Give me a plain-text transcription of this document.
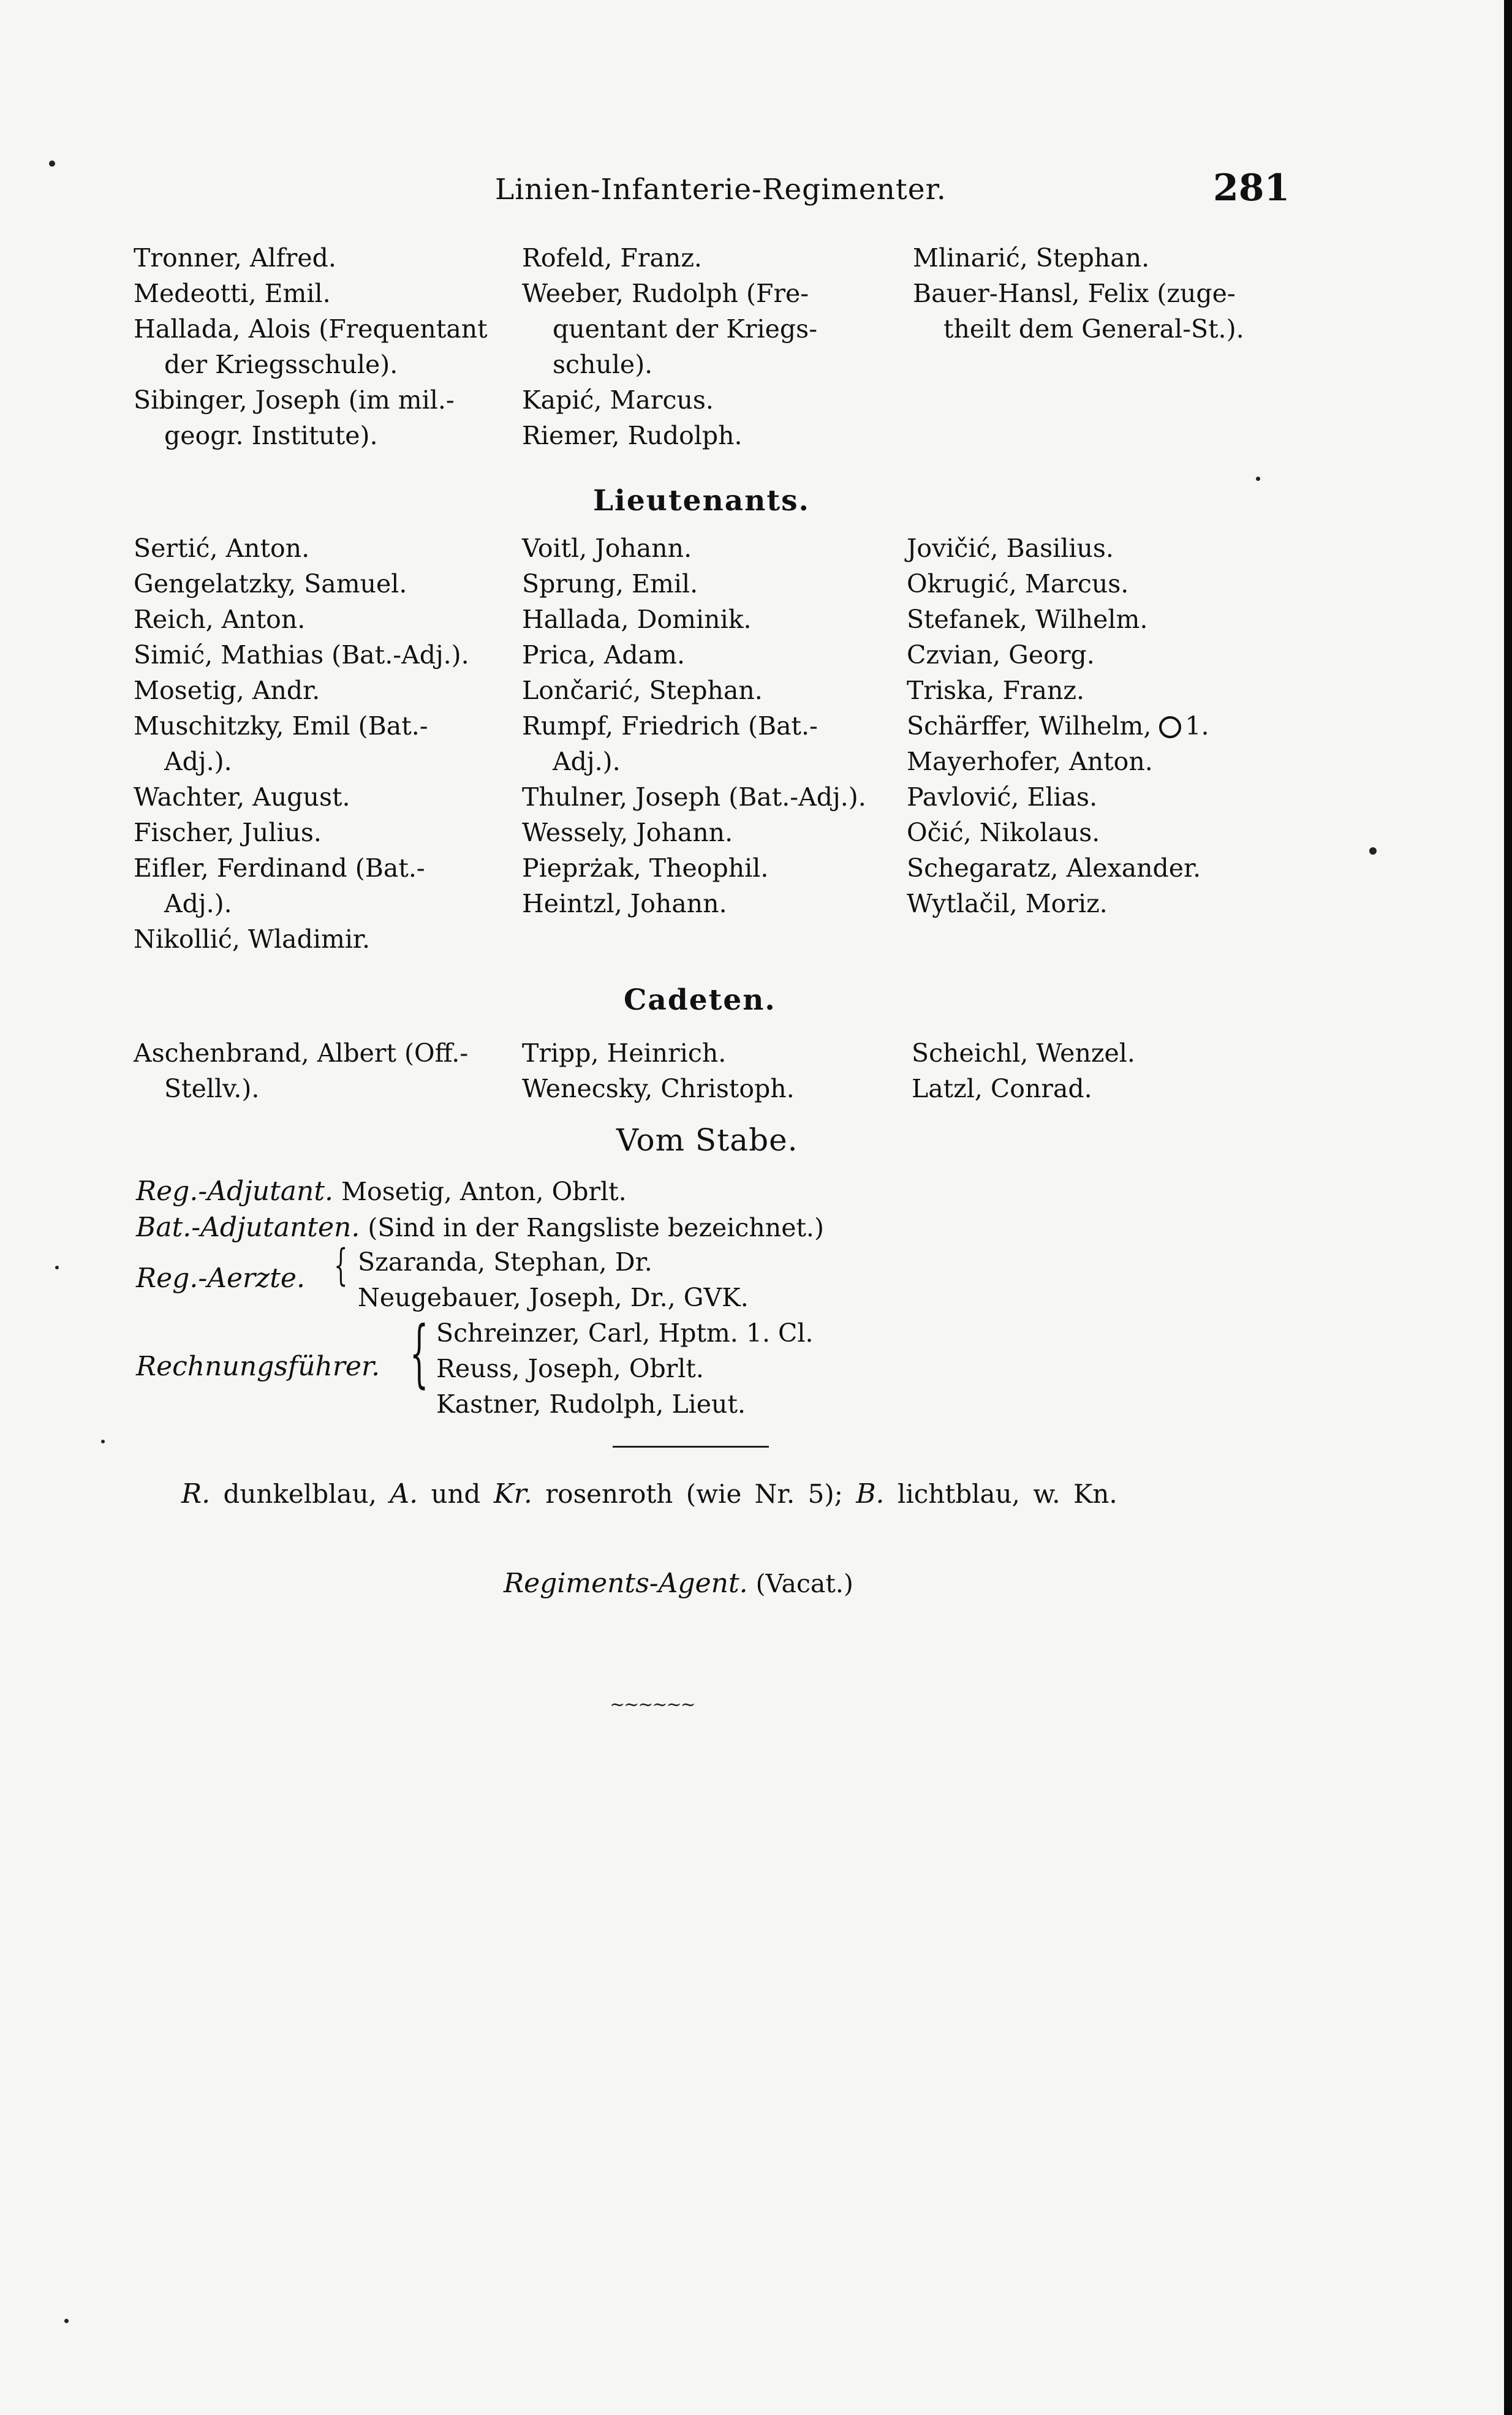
Linien-Infanterie-Regimenter.	281
Tronner, Alfred.
Medeotti, Emil.
Hallada, Alois (Frequentant
der Kriegsschule).
Sibinger, Joseph (im mil.-
geogr. Institute).
Rofeld, Franz.
Weeber, Rudolph (Fre-
quentant der Kriegs-
schule).
Kapić, Marcus.
Riemer, Rudolph.
Mlinarić, Stephan.
Bauer-Hansl, Felix (zuge-
theilt dem General-St.).
Lieutenants.
Sertić, Anton.
Gengelatzky, Samuel.
Reich, Anton.
Simić, Mathias (Bat.-Adj.).
Mosetig, Andr.
Muschitzky, Emil (Bat.-
Adj.).
Wachter, August.
Fischer, Julius.
Eifler, Ferdinand (Bat.-
Adj.).
Nikollić, Wladimir.
Voitl, Johann.
Sprung, Emil.
Hallada, Dominik.
Prica, Adam.
Lončarić, Stephan.
Rumpf, Friedrich (Bat.-
Adj.).
Thulner, Joseph (Bat.-Adj.).
Wessely, Johann.
Pieprżak, Theophil.
Heintzl, Johann.
Jovičić, Basilius.
Okrugić, Marcus.
Stefanek, Wilhelm.
Czvian, Georg.
Triska, Franz.
Schärffer, Wilhelm, 1.
Mayerhofer, Anton.
Pavlović, Elias.
Očić, Nikolaus.
Schegaratz, Alexander.
Wytlačil, Moriz.
Cadeten.
Aschenbrand, Albert (Off.-
Stellv.).
Tripp, Heinrich.
Wenecsky, Christoph.
Scheichl, Wenzel.
Latzl, Conrad.
Vom Stabe.
Reg.-Adjutant. Mosetig, Anton, Obrlt.
Bat.-Adjutanten. (Sind in der Rangsliste bezeichnet.)
Reg.-Aerzte. { Szaranda, Stephan, Dr.
Neugebauer, Joseph, Dr., GVK.
Rechnungsführer. { Schreinzer, Carl, Hptm. 1. Cl.
Reuss, Joseph, Obrlt.
Kastner, Rudolph, Lieut.
R. dunkelblau, A. und Kr. rosenroth (wie Nr. 5); B. lichtblau, w. Kn.
Regiments-Agent. (Vacat.)
~~~~~~
